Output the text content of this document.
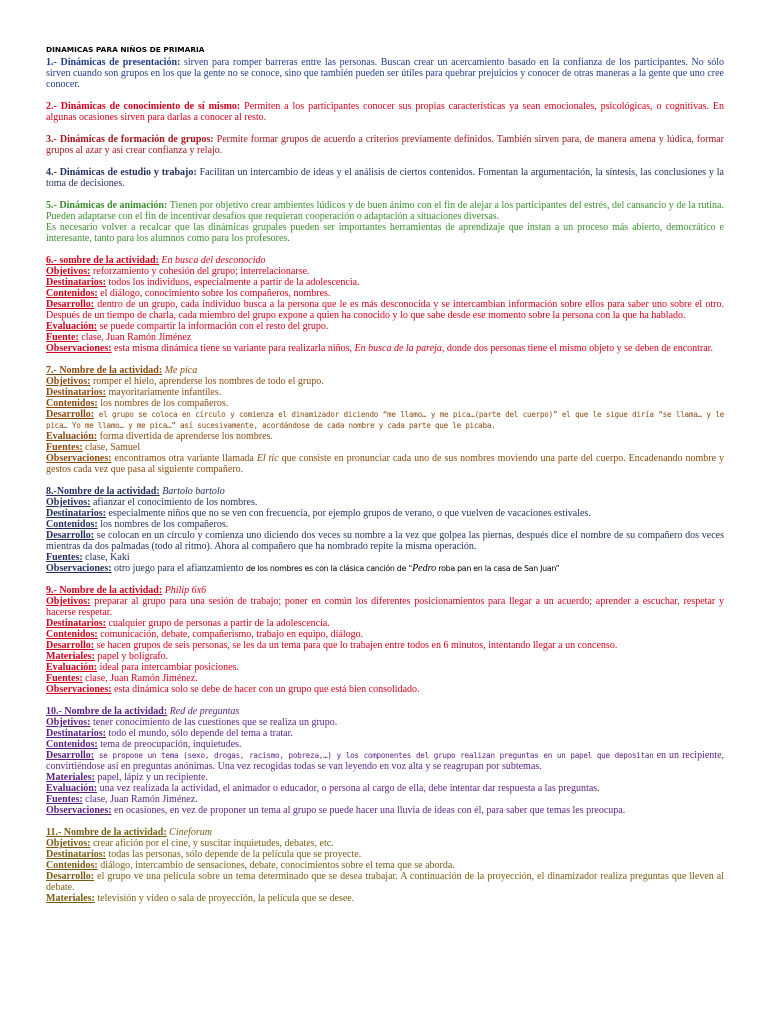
DINAMICAS PARA NIÑOS DE PRIMARIA

1.- Dinámicas de presentación: sirven para romper barreras entre las personas. Buscan crear un acercamiento basado en la confianza de los participantes. No sólo sirven cuando son grupos en los que la gente no se conoce, sino que también pueden ser útiles para quebrar prejuicios y conocer de otras maneras a la gente que uno cree conocer.

2.- Dinámicas de conocimiento de sí mismo: Permiten a los participantes conocer sus propias características ya sean emocionales, psicológicas, o cognitivas. En algunas ocasiones sirven para darlas a conocer al resto.

3.- Dinámicas de formación de grupos: Permite formar grupos de acuerdo a criterios previamente definidos. También sirven para, de manera amena y lúdica, formar grupos al azar y así crear confianza y relajo.

4.- Dinámicas de estudio y trabajo: Facilitan un intercambio de ideas y el análisis de ciertos contenidos. Fomentan la argumentación, la síntesis, las conclusiones y la toma de decisiones.

5.- Dinámicas de animación: Tienen por objetivo crear ambientes lúdicos y de buen ánimo con el fin de alejar a los participantes del estrés, del cansancio y de la rutina. Pueden adaptarse con el fin de incentivar desafíos que requieran cooperación o adaptación a situaciones diversas.

Es necesario volver a recalcar que las dinámicas grupales pueden ser importantes herramientas de aprendizaje que instan a un proceso más abierto, democrático e interesante, tanto para los alumnos como para los profesores.

6.- sombre de la actividad: En busca del desconocido

Objetivos: reforzamiento y cohesión del grupo; interrelacionarse.

Destinatarios: todos los individuos, especialmente a partir de la adolescencia.

Contenidos: el diálogo, conocimiento sobre los compañeros, nombres.

Desarrollo: dentro de un grupo, cada individuo busca a la persona que le es más desconocida y se intercambian información sobre ellos para saber uno sobre el otro. Después de un tiempo de charla, cada miembro del grupo expone a quien ha conocido y lo que sabe desde ese momento sobre la persona con la que ha hablado.

Evaluación: se puede compartir la información con el resto del grupo.

Fuente: clase, Juan Ramón Jiménez

Observaciones: esta misma dinámica tiene su variante para realizarla niños, En busca de la pareja, donde dos personas tiene el mismo objeto y se deben de encontrar.

7.- Nombre de la actividad: Me pica

Objetivos: romper el hielo, aprenderse los nombres de todo el grupo.

Destinatarios: mayoritariamente infantiles.

Contenidos: los nombres de los compañeros.

Desarrollo: el grupo se coloca en círculo y comienza el dinamizador diciendo “me llamo… y me pica…(parte del cuerpo)” el que le sigue diría “se llama… y le pica… Yo me llamo… y me pica…” así sucesivamente, acordándose de cada nombre y cada parte que le picaba.

Evaluación: forma divertida de aprenderse los nombres.

Fuentes: clase, Samuel

Observaciones: encontramos otra variante llamada El tic que consiste en pronunciar cada uno de sus nombres moviendo una parte del cuerpo. Encadenando nombre y gestos cada vez que pasa al siguiente compañero.

8.-Nombre de la actividad: Bartolo bartolo

Objetivos: afianzar el conocimiento de los nombres.

Destinatarios: especialmente niños que no se ven con frecuencia, por ejemplo grupos de verano, o que vuelven de vacaciones estivales.

Contenidos: los nombres de los compañeros.

Desarrollo: se colocan en un círculo y comienza uno diciendo dos veces su nombre a la vez que golpea las piernas, después dice el nombre de su compañero dos veces mientras da dos palmadas (todo al ritmo). Ahora al compañero que ha nombrado repite la misma operación.

Fuentes: clase, Kaki

Observaciones: otro juego para el afianzamiento de los nombres es con la clásica canción de “Pedro roba pan en la casa de San Juan”

9.- Nombre de la actividad: Philip 6x6

Objetivos: preparar al grupo para una sesión de trabajo; poner en común los diferentes posicionamientos para llegar a un acuerdo; aprender a escuchar, respetar y hacerse respetar.

Destinatarios: cualquier grupo de personas a partir de la adolescencia.

Contenidos: comunicación, debate, compañerismo, trabajo en equipo, diálogo.

Desarrollo: se hacen grupos de seis personas, se les da un tema para que lo trabajen entre todos en 6 minutos, intentando llegar a un concenso.

Materiales: papel y bolígrafo.

Evaluación: ideal para intercambiar posiciones.

Fuentes: clase, Juan Ramón Jiménez.

Observaciones: esta dinámica solo se debe de hacer con un grupo que está bien consolidado.

10.- Nombre de la actividad: Red de preguntas

Objetivos: tener conocimiento de las cuestiones que se realiza un grupo.

Destinatarios: todo el mundo, sólo depende del tema a tratar.

Contenidos: tema de preocupación, inquietudes.

Desarrollo: se propone un tema (sexo, drogas, racismo, pobreza,…) y los componentes del grupo realizan preguntas en un papel que depositan en un recipiente, convirtiéndose así en preguntas anónimas. Una vez recogidas todas se van leyendo en voz alta y se reagrupan por subtemas.

Materiales: papel, lápiz y un recipiente.

Evaluación: una vez realizada la actividad, el animador o educador, o persona al cargo de ella, debe intentar dar respuesta a las preguntas.

Fuentes: clase, Juan Ramón Jiménez.

Observaciones: en ocasiones, en vez de proponer un tema al grupo se puede hacer una lluvia de ideas con él, para saber que temas les preocupa.

11.- Nombre de la actividad: Cineforum

Objetivos: crear afición por el cine, y suscitar inquietudes, debates, etc.

Destinatarios: todas las personas, sólo depende de la película que se proyecte.

Contenidos: diálogo, intercambio de sensaciones, debate, conocimientos sobre el tema que se aborda.

Desarrollo: el grupo ve una película sobre un tema determinado que se desea trabajar. A continuación de la proyección, el dinamizador realiza preguntas que lleven al debate.

Materiales: televisión y video o sala de proyección, la película que se desee.
